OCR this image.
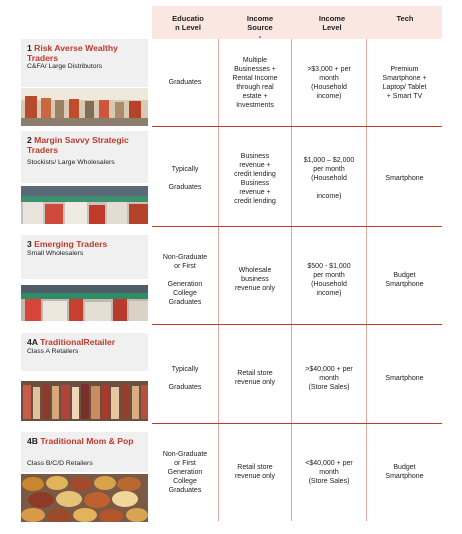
Educatio
n Level
Income
Source
-
Income
Level
Tech
1 Risk Averse Wealthy Traders
C&FA/ Large Distributors
Graduates
Multiple
Businesses +
Rental Income
through real
estate +
Investments
>$3,000 + per
month
(Household
income)
Premium
Smartphone +
Laptop/ Tablet
+ Smart TV
2 Margin Savvy Strategic Traders
Stockists/ Large Wholesalers
Typically

Graduates
Business
revenue +
credit lending
Business
revenue +
credit lending
$1,000 – $2,000
per month
(Household

income)
Smartphone
3 Emerging Traders
Small Wholesalers	Non-Graduate
or First

Generation
College
Graduates
Wholesale
business
revenue only
$500 - $1,000
per month
(Household
income)
Budget
Smartphone
4A TraditionalRetailer
Class A Retailers
Typically

Graduates
Retail store
revenue only
>$40,000 + per
month
(Store Sales)
Smartphone
4B Traditional Mom & Pop
Class B/C/D Retailers
Non-Graduate
or First
Generation
College
Graduates
Retail store
revenue only
<$40,000 + per
month
(Store Sales)
Budget
Smartphone
